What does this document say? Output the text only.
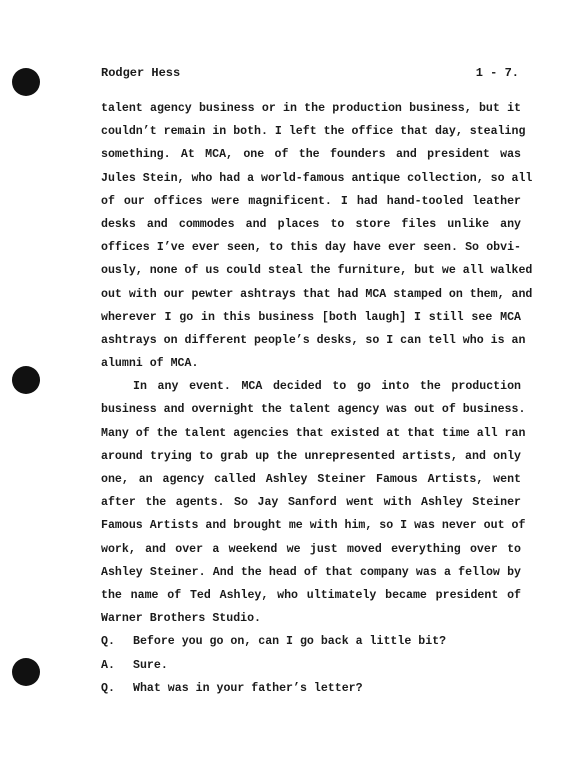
Rodger Hess	1 - 7.
talent agency business or in the production business, but it
couldn’t remain in both. I left the office that day, stealing
something. At MCA, one of the founders and president was
Jules Stein, who had a world-famous antique collection, so all
of our offices were magnificent. I had hand-tooled leather
desks and commodes and places to store files unlike any
offices I’ve ever seen, to this day have ever seen. So obvi-
ously, none of us could steal the furniture, but we all walked
out with our pewter ashtrays that had MCA stamped on them, and
wherever I go in this business [both laugh] I still see MCA
ashtrays on different people’s desks, so I can tell who is an
alumni of MCA.
In any event. MCA decided to go into the production
business and overnight the talent agency was out of business.
Many of the talent agencies that existed at that time all ran
around trying to grab up the unrepresented artists, and only
one, an agency called Ashley Steiner Famous Artists, went
after the agents. So Jay Sanford went with Ashley Steiner
Famous Artists and brought me with him, so I was never out of
work, and over a weekend we just moved everything over to
Ashley Steiner. And the head of that company was a fellow by
the name of Ted Ashley, who ultimately became president of
Warner Brothers Studio.
Q. Before you go on, can I go back a little bit?
A. Sure.
Q. What was in your father’s letter?
